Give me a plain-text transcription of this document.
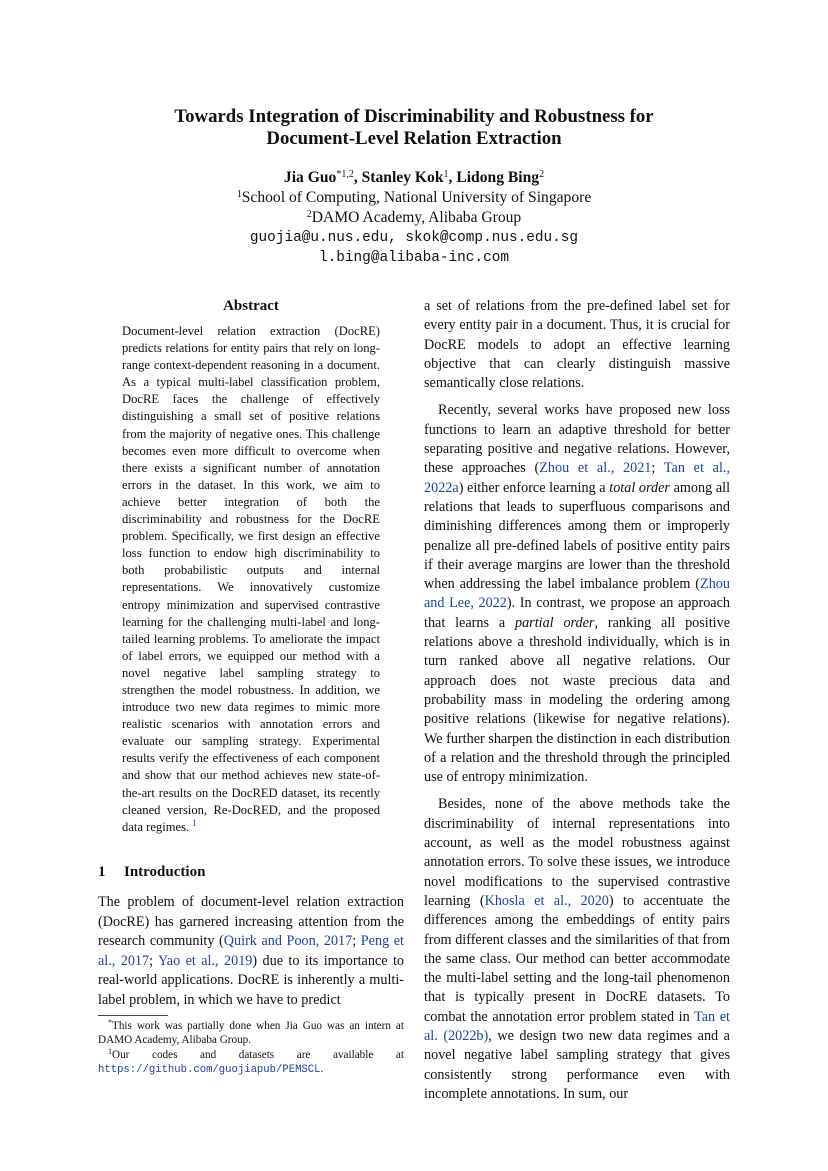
Towards Integration of Discriminability and Robustness for
Document-Level Relation Extraction
Jia Guo$^{*1,2}$, Stanley Kok$^1$, Lidong Bing$^2$
$^1$School of Computing, National University of Singapore
$^2$DAMO Academy, Alibaba Group
guojia@u.nus.edu, skok@comp.nus.edu.sg
l.bing@alibaba-inc.com
Abstract
Document-level relation extraction (DocRE) predicts relations for entity pairs that rely on long-range context-dependent reasoning in a document. As a typical multi-label classification problem, DocRE faces the challenge of effectively distinguishing a small set of positive relations from the majority of negative ones. This challenge becomes even more difficult to overcome when there exists a significant number of annotation errors in the dataset. In this work, we aim to achieve better integration of both the discriminability and robustness for the DocRE problem. Specifically, we first design an effective loss function to endow high discriminability to both probabilistic outputs and internal representations. We innovatively customize entropy minimization and supervised contrastive learning for the challenging multi-label and long-tailed learning problems. To ameliorate the impact of label errors, we equipped our method with a novel negative label sampling strategy to strengthen the model robustness. In addition, we introduce two new data regimes to mimic more realistic scenarios with annotation errors and evaluate our sampling strategy. Experimental results verify the effectiveness of each component and show that our method achieves new state-of-the-art results on the DocRED dataset, its recently cleaned version, Re-DocRED, and the proposed data regimes. $^1$
1 Introduction
The problem of document-level relation extraction (DocRE) has garnered increasing attention from the research community (Quirk and Poon, 2017; Peng et al., 2017; Yao et al., 2019) due to its importance to real-world applications. DocRE is inherently a multi-label problem, in which we have to predict

*This work was partially done when Jia Guo was an intern at DAMO Academy, Alibaba Group.

$^1$Our codes and datasets are available at https://github.com/guojiapub/PEMSCL.

a set of relations from the pre-defined label set for every entity pair in a document. Thus, it is crucial for DocRE models to adopt an effective learning objective that can clearly distinguish massive semantically close relations.

Recently, several works have proposed new loss functions to learn an adaptive threshold for better separating positive and negative relations. However, these approaches (Zhou et al., 2021; Tan et al., 2022a) either enforce learning a total order among all relations that leads to superfluous comparisons and diminishing differences among them or improperly penalize all pre-defined labels of positive entity pairs if their average margins are lower than the threshold when addressing the label imbalance problem (Zhou and Lee, 2022). In contrast, we propose an approach that learns a partial order, ranking all positive relations above a threshold individually, which is in turn ranked above all negative relations. Our approach does not waste precious data and probability mass in modeling the ordering among positive relations (likewise for negative relations). We further sharpen the distinction in each distribution of a relation and the threshold through the principled use of entropy minimization.

Besides, none of the above methods take the discriminability of internal representations into account, as well as the model robustness against annotation errors. To solve these issues, we introduce novel modifications to the supervised contrastive learning (Khosla et al., 2020) to accentuate the differences among the embeddings of entity pairs from different classes and the similarities of that from the same class. Our method can better accommodate the multi-label setting and the long-tail phenomenon that is typically present in DocRE datasets. To combat the annotation error problem stated in Tan et al. (2022b), we design two new data regimes and a novel negative label sampling strategy that gives consistently strong performance even with incomplete annotations. In sum, our
